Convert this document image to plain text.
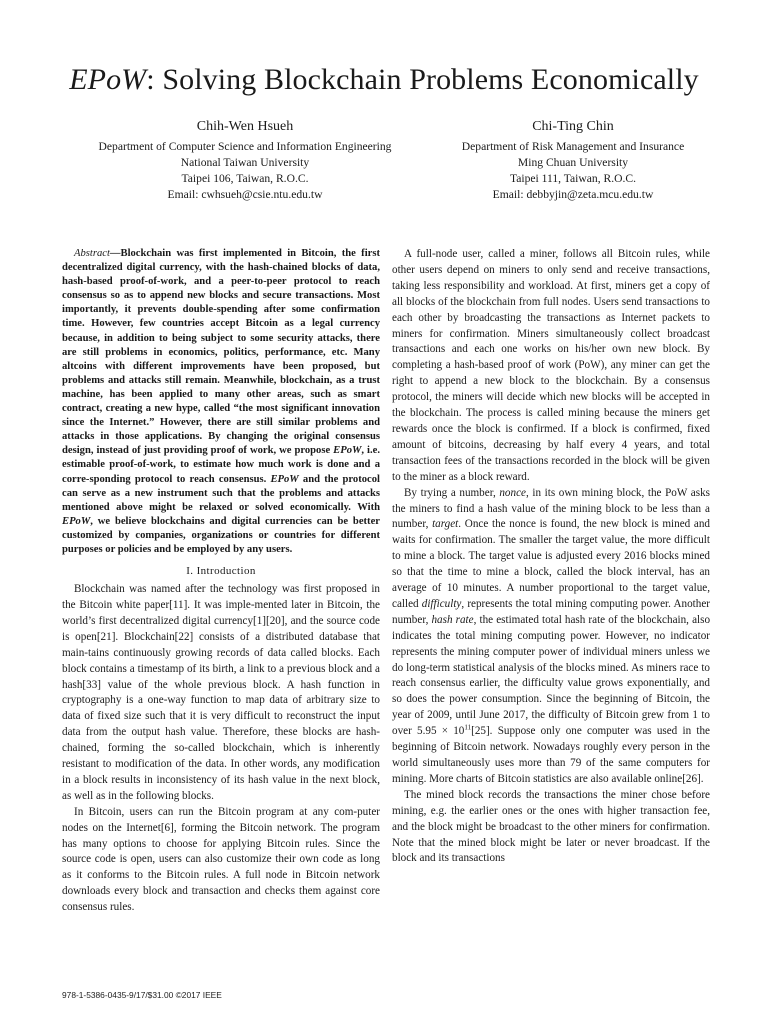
EPoW: Solving Blockchain Problems Economically
Chih-Wen Hsueh
Department of Computer Science and Information Engineering
National Taiwan University
Taipei 106, Taiwan, R.O.C.
Email: cwhsueh@csie.ntu.edu.tw
Chi-Ting Chin
Department of Risk Management and Insurance
Ming Chuan University
Taipei 111, Taiwan, R.O.C.
Email: debbyjin@zeta.mcu.edu.tw

Abstract—Blockchain was first implemented in Bitcoin, the first decentralized digital currency, with the hash-chained blocks of data, hash-based proof-of-work, and a peer-to-peer protocol to reach consensus so as to append new blocks and secure transactions. Most importantly, it prevents double-spending after some confirmation time. However, few countries accept Bitcoin as a legal currency because, in addition to being subject to some security attacks, there are still problems in economics, politics, performance, etc. Many altcoins with different improvements have been proposed, but problems and attacks still remain. Meanwhile, blockchain, as a trust machine, has been applied to many other areas, such as smart contract, creating a new hype, called “the most significant innovation since the Internet.” However, there are still similar problems and attacks in those applications. By changing the original consensus design, instead of just providing proof of work, we propose EPoW, i.e. estimable proof-of-work, to estimate how much work is done and a corre-sponding protocol to reach consensus. EPoW and the protocol can serve as a new instrument such that the problems and attacks mentioned above might be relaxed or solved economically. With EPoW, we believe blockchains and digital currencies can be better customized by companies, organizations or countries for different purposes or policies and be employed by any users.

I. Introduction

Blockchain was named after the technology was first proposed in the Bitcoin white paper[11]. It was imple-mented later in Bitcoin, the world’s first decentralized digital currency[1][20], and the source code is open[21]. Blockchain[22] consists of a distributed database that main-tains continuously growing records of data called blocks. Each block contains a timestamp of its birth, a link to a previous block and a hash[33] value of the whole previous block. A hash function in cryptography is a one-way function to map data of arbitrary size to data of fixed size such that it is very difficult to reconstruct the input data from the output hash value. Therefore, these blocks are hash-chained, forming the so-called blockchain, which is inherently resistant to modification of the data. In other words, any modification in a block results in inconsistency of its hash value in the next block, as well as in the following blocks.

In Bitcoin, users can run the Bitcoin program at any com-puter nodes on the Internet[6], forming the Bitcoin network. The program has many options to choose for applying Bitcoin rules. Since the source code is open, users can also customize their own code as long as it conforms to the Bitcoin rules. A full node in Bitcoin network downloads every block and transaction and checks them against core consensus rules.

A full-node user, called a miner, follows all Bitcoin rules, while other users depend on miners to only send and receive transactions, taking less responsibility and workload. At first, miners get a copy of all blocks of the blockchain from full nodes. Users send transactions to each other by broadcasting the transactions as Internet packets to miners for confirmation. Miners simultaneously collect broadcast transactions and each one works on his/her own new block. By completing a hash-based proof of work (PoW), any miner can get the right to append a new block to the blockchain. By a consensus protocol, the miners will decide which new blocks will be accepted in the blockchain. The process is called mining because the miners get rewards once the block is confirmed. If a block is confirmed, fixed amount of bitcoins, decreasing by half every 4 years, and total transaction fees of the transactions recorded in the block will be given to the miner as a block reward.

By trying a number, nonce, in its own mining block, the PoW asks the miners to find a hash value of the mining block to be less than a number, target. Once the nonce is found, the new block is mined and waits for confirmation. The smaller the target value, the more difficult to mine a block. The target value is adjusted every 2016 blocks mined so that the time to mine a block, called the block interval, has an average of 10 minutes. A number proportional to the target value, called difficulty, represents the total mining computing power. Another number, hash rate, the estimated total hash rate of the blockchain, also indicates the total mining computing power. However, no indicator represents the mining computer power of individual miners unless we do long-term statistical analysis of the blocks mined. As miners race to reach consensus earlier, the difficulty value grows exponentially, and so does the power consumption. Since the beginning of Bitcoin, the year of 2009, until June 2017, the difficulty of Bitcoin grew from 1 to over $5.95 \times 10^{11}[25]$. Suppose only one computer was used in the beginning of Bitcoin network. Nowadays roughly every person in the world simultaneously uses more than 79 of the same computers for mining. More charts of Bitcoin statistics are also available online[26].

The mined block records the transactions the miner chose before mining, e.g. the earlier ones or the ones with higher transaction fee, and the block might be broadcast to the other miners for confirmation. Note that the mined block might be later or never broadcast. If the block and its transactions

978-1-5386-0435-9/17/$31.00 ©2017 IEEE
